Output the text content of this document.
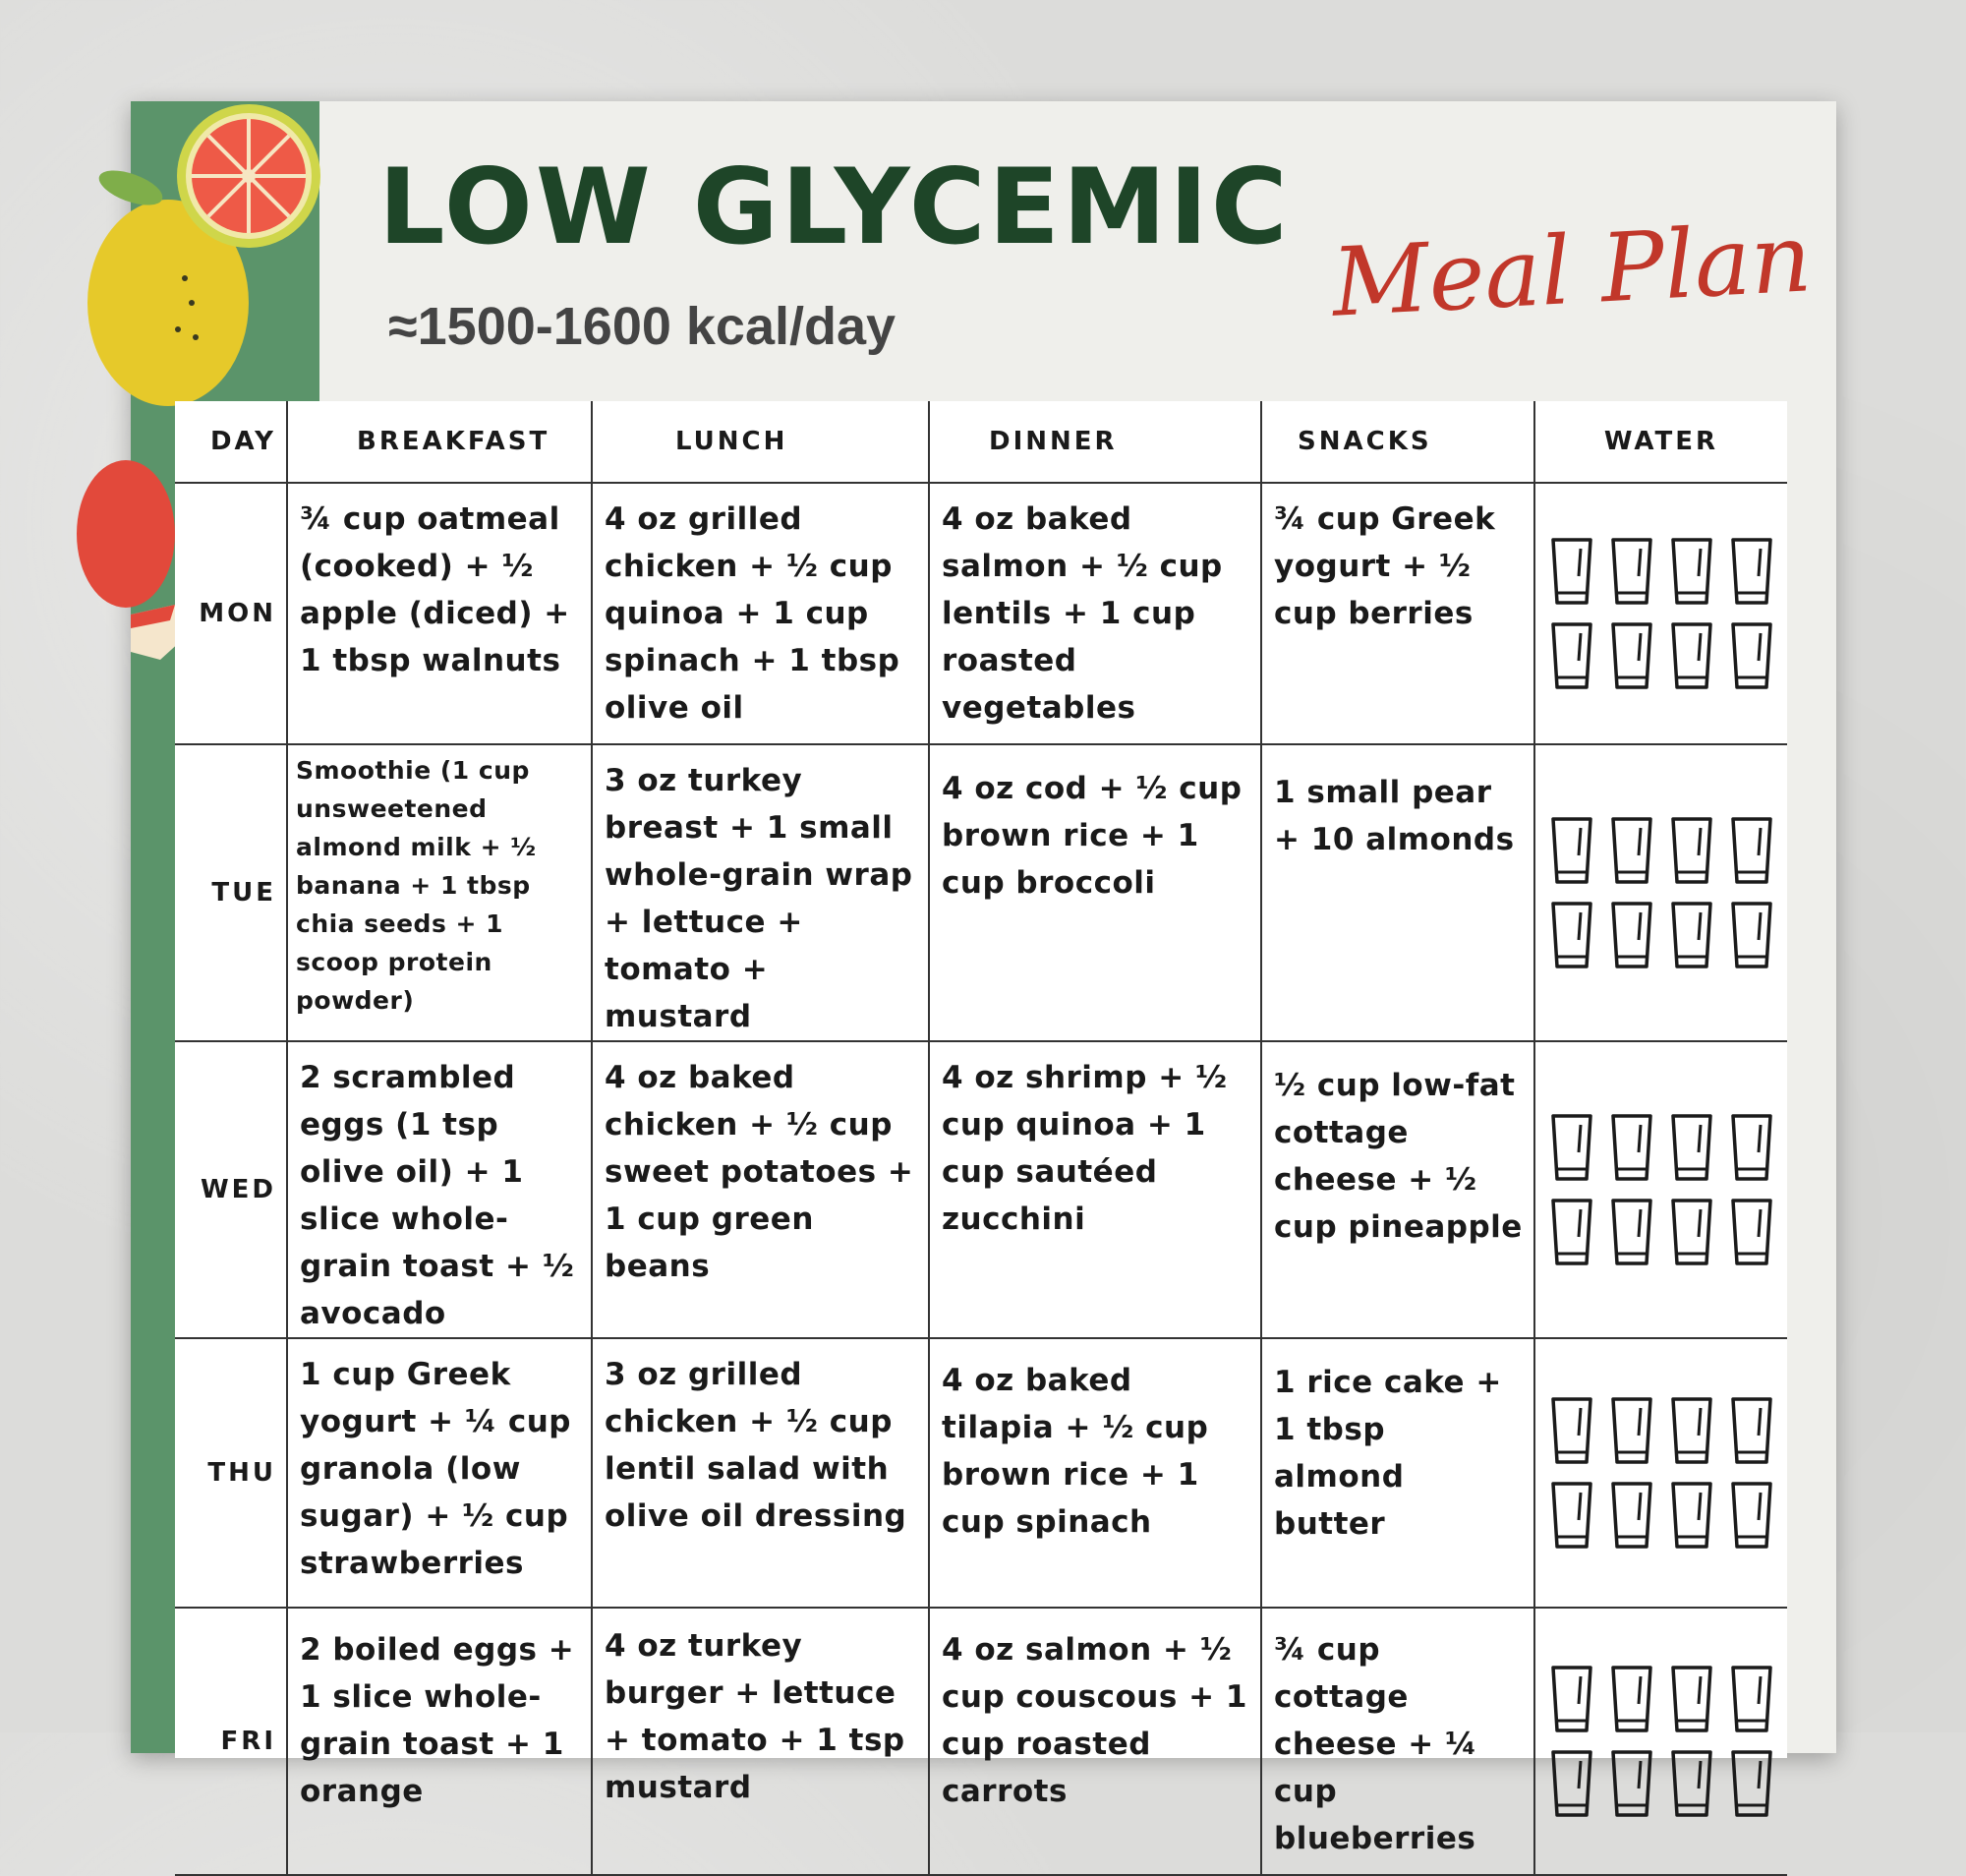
LOW GLYCEMIC Meal Plan
≈1500-1600 kcal/day
DAY	BREAKFAST	LUNCH	DINNER	SNACKS	WATER
MON	¾ cup oatmeal (cooked) + ½ apple (diced) + 1 tbsp walnuts	4 oz grilled chicken + ½ cup quinoa + 1 cup spinach + 1 tbsp olive oil	4 oz baked salmon + ½ cup lentils + 1 cup roasted vegetables	¾ cup Greek yogurt + ½ cup berries	

TUE	Smoothie (1 cup unsweetened almond milk + ½ banana + 1 tbsp chia seeds + 1 scoop protein powder)	3 oz turkey breast + 1 small whole-grain wrap + lettuce + tomato + mustard	4 oz cod + ½ cup brown rice + 1 cup broccoli	1 small pear + 10 almonds	

WED	2 scrambled eggs (1 tsp olive oil) + 1 slice whole-grain toast + ½ avocado	4 oz baked chicken + ½ cup sweet potatoes + 1 cup green beans	4 oz shrimp + ½ cup quinoa + 1 cup sautéed zucchini	½ cup low-fat cottage cheese + ½ cup pineapple	

THU	1 cup Greek yogurt + ¼ cup granola (low sugar) + ½ cup strawberries	3 oz grilled chicken + ½ cup lentil salad with olive oil dressing	4 oz baked tilapia + ½ cup brown rice + 1 cup spinach	1 rice cake + 1 tbsp almond butter	

FRI	2 boiled eggs + 1 slice whole-grain toast + 1 orange	4 oz turkey burger + lettuce + tomato + 1 tsp mustard	4 oz salmon + ½ cup couscous + 1 cup roasted carrots	¾ cup cottage cheese + ¼ cup blueberries	
